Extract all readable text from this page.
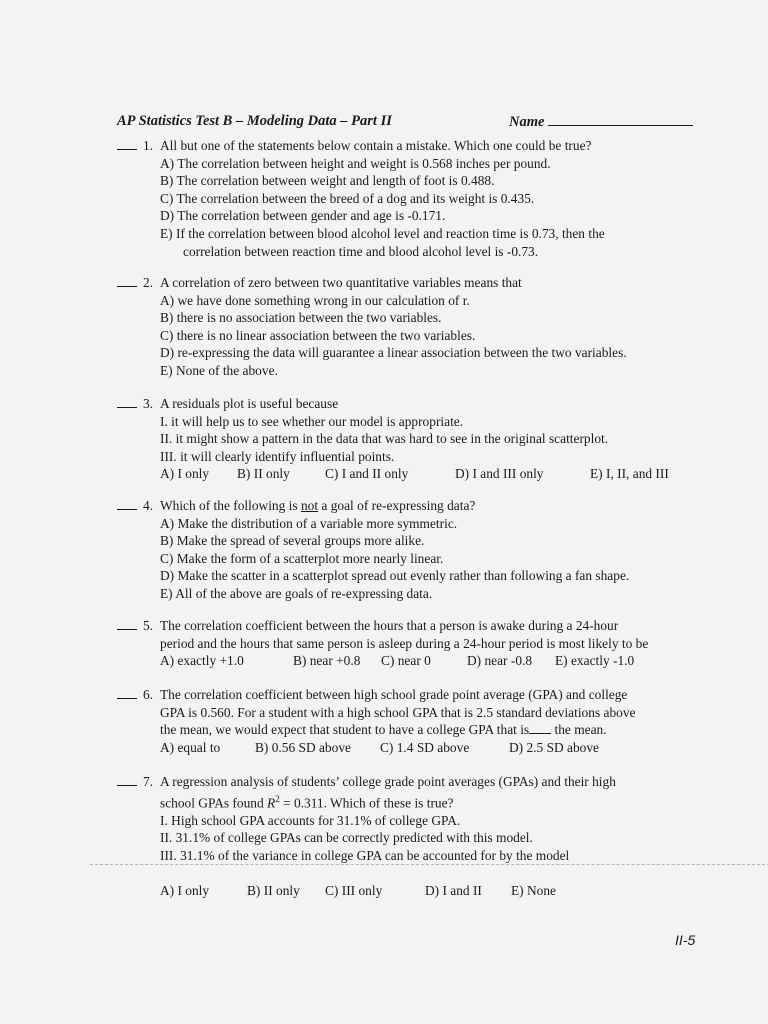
AP Statistics Test B – Modeling Data – Part II	Name
1. All but one of the statements below contain a mistake. Which one could be true?
A) The correlation between height and weight is 0.568 inches per pound.
B) The correlation between weight and length of foot is 0.488.
C) The correlation between the breed of a dog and its weight is 0.435.
D) The correlation between gender and age is -0.171.
E) If the correlation between blood alcohol level and reaction time is 0.73, then the
correlation between reaction time and blood alcohol level is -0.73.
2. A correlation of zero between two quantitative variables means that
A) we have done something wrong in our calculation of r.
B) there is no association between the two variables.
C) there is no linear association between the two variables.
D) re-expressing the data will guarantee a linear association between the two variables.
E) None of the above.
3. A residuals plot is useful because
I. it will help us to see whether our model is appropriate.
II. it might show a pattern in the data that was hard to see in the original scatterplot.
III. it will clearly identify influential points.
A) I only B) II only	C) I and II only	D) I and III only	E) I, II, and III
4. Which of the following is not a goal of re-expressing data?
A) Make the distribution of a variable more symmetric.
B) Make the spread of several groups more alike.
C) Make the form of a scatterplot more nearly linear.
D) Make the scatter in a scatterplot spread out evenly rather than following a fan shape.
E) All of the above are goals of re-expressing data.
5. The correlation coefficient between the hours that a person is awake during a 24-hour
period and the hours that same person is asleep during a 24-hour period is most likely to be
A) exactly +1.0	B) near +0.8 C) near 0	D) near -0.8 E) exactly -1.0
6. The correlation coefficient between high school grade point average (GPA) and college
GPA is 0.560. For a student with a high school GPA that is 2.5 standard deviations above
the mean, we would expect that student to have a college GPA that is the mean.
A) equal to	B) 0.56 SD above C) 1.4 SD above	D) 2.5 SD above
7. A regression analysis of students’ college grade point averages (GPAs) and their high
school GPAs found $R^2 = 0.311$. Which of these is true?
I. High school GPA accounts for 31.1% of college GPA.
II. 31.1% of college GPAs can be correctly predicted with this model.
III. 31.1% of the variance in college GPA can be accounted for by the model
A) I only	B) II only C) III only	D) I and II E) None
II-5
